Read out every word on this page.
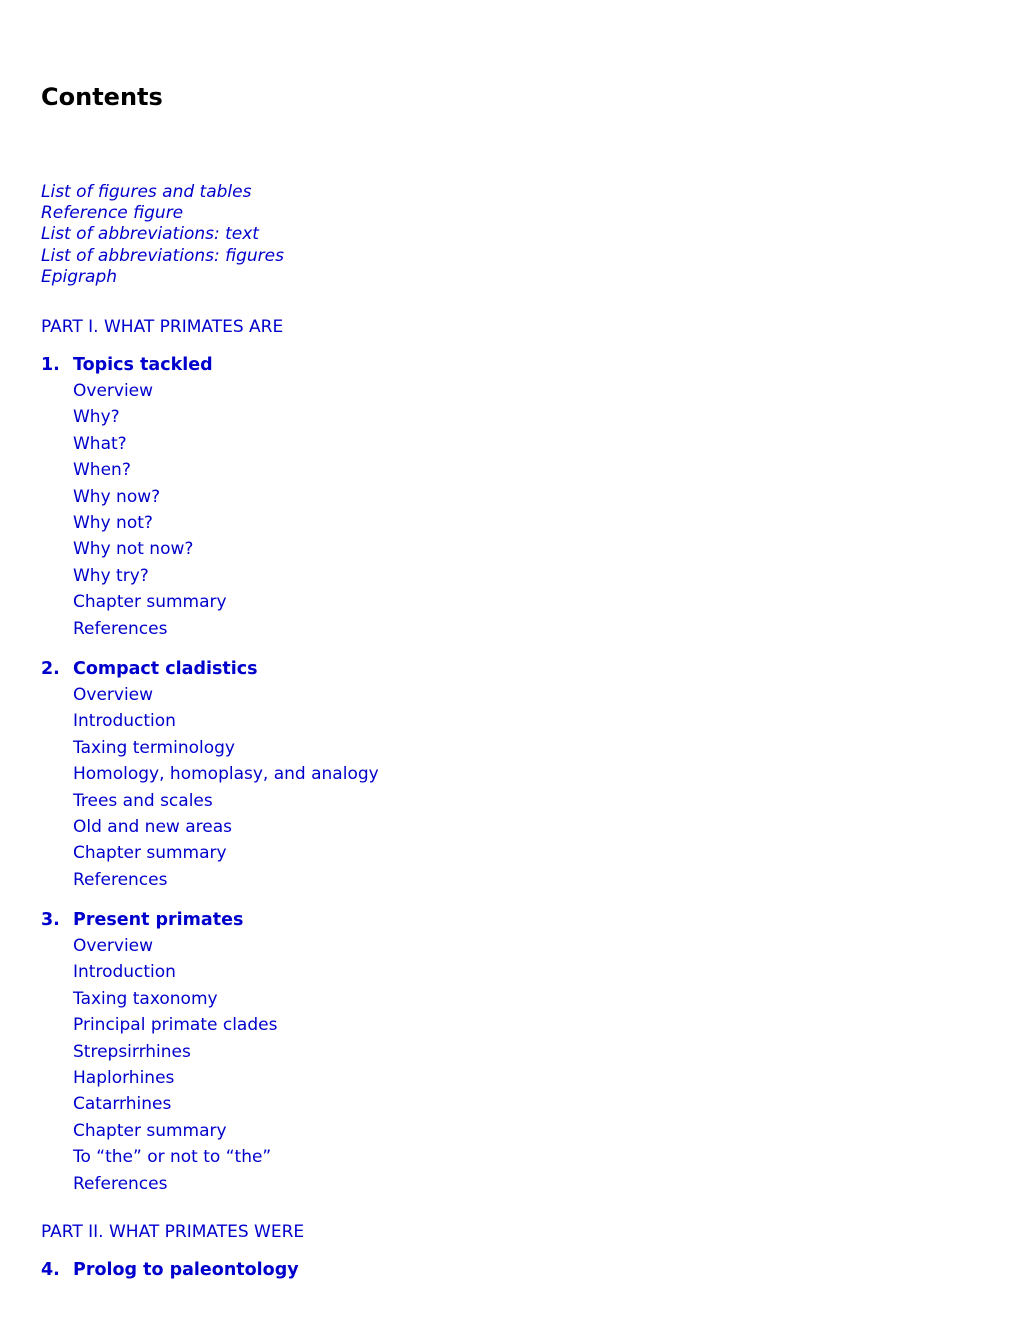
Contents
List of figures and tables
Reference figure
List of abbreviations: text
List of abbreviations: figures
Epigraph
PART I. WHAT PRIMATES ARE
1. Topics tackled
Overview
Why?
What?
When?
Why now?
Why not?
Why not now?
Why try?
Chapter summary
References
2. Compact cladistics
Overview
Introduction
Taxing terminology
Homology, homoplasy, and analogy
Trees and scales
Old and new areas
Chapter summary
References
3. Present primates
Overview
Introduction
Taxing taxonomy
Principal primate clades
Strepsirrhines
Haplorhines
Catarrhines
Chapter summary
To “the” or not to “the”
References
PART II. WHAT PRIMATES WERE
4. Prolog to paleontology
